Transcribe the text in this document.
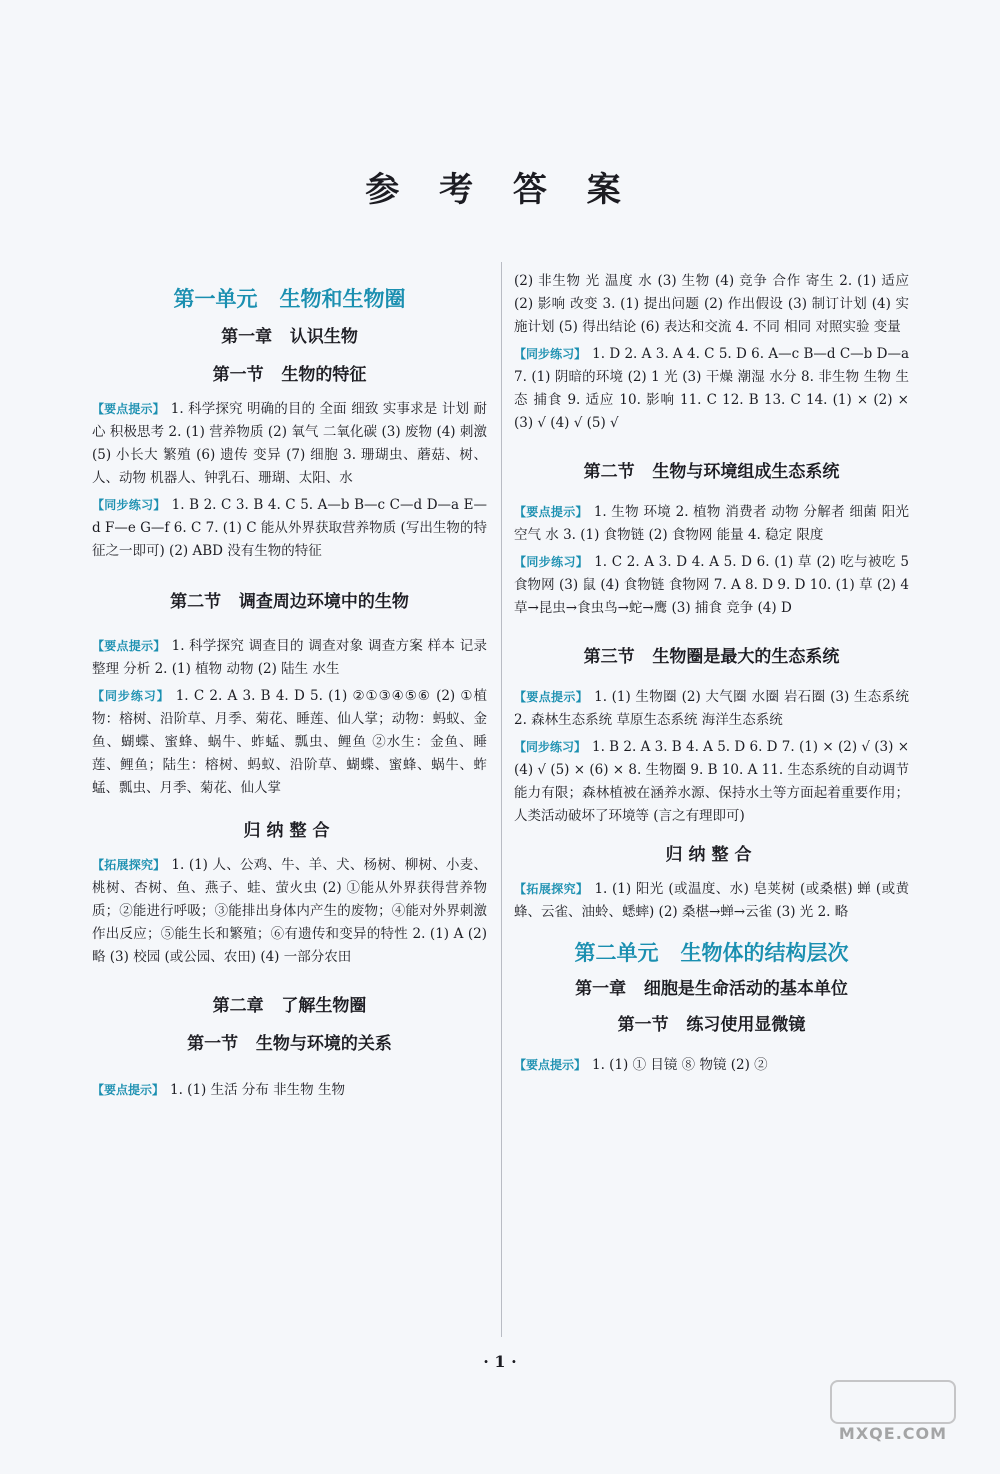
参 考 答 案
第一单元   生物和生物圈
第一章   认识生物
第一节   生物的特征

【要点提示】 1. 科学探究 明确的目的 全面 细致 实事求是 计划 耐心 积极思考 2. (1) 营养物质 (2) 氧气 二氧化碳 (3) 废物 (4) 刺激 (5) 小长大 繁殖 (6) 遗传 变异 (7) 细胞 3. 珊瑚虫、蘑菇、树、人、动物 机器人、钟乳石、珊瑚、太阳、水

【同步练习】 1. B 2. C 3. B 4. C 5. A—b B—c C—d D—a E—d F—e G—f 6. C 7. (1) C 能从外界获取营养物质 (写出生物的特征之一即可) (2) ABD 没有生物的特征

第二节   调查周边环境中的生物

【要点提示】 1. 科学探究 调查目的 调查对象 调查方案 样本 记录 整理 分析 2. (1) 植物 动物 (2) 陆生 水生

【同步练习】 1. C 2. A 3. B 4. D 5. (1) ②①③④⑤⑥ (2) ①植物：榕树、沿阶草、月季、菊花、睡莲、仙人掌；动物：蚂蚁、金鱼、蝴蝶、蜜蜂、蜗牛、蚱蜢、瓢虫、鲤鱼 ②水生：金鱼、睡莲、鲤鱼；陆生：榕树、蚂蚁、沿阶草、蝴蝶、蜜蜂、蜗牛、蚱蜢、瓢虫、月季、菊花、仙人掌

归纳整合

【拓展探究】 1. (1) 人、公鸡、牛、羊、犬、杨树、柳树、小麦、桃树、杏树、鱼、燕子、蛙、萤火虫 (2) ①能从外界获得营养物质；②能进行呼吸；③能排出身体内产生的废物；④能对外界刺激作出反应；⑤能生长和繁殖；⑥有遗传和变异的特性 2. (1) A (2) 略 (3) 校园 (或公园、农田) (4) 一部分农田

第二章   了解生物圈
第一节   生物与环境的关系

【要点提示】 1. (1) 生活 分布 非生物 生物

(2) 非生物 光 温度 水 (3) 生物 (4) 竞争 合作 寄生 2. (1) 适应 (2) 影响 改变 3. (1) 提出问题 (2) 作出假设 (3) 制订计划 (4) 实施计划 (5) 得出结论 (6) 表达和交流 4. 不同 相同 对照实验 变量

【同步练习】 1. D 2. A 3. A 4. C 5. D 6. A—c B—d C—b D—a 7. (1) 阴暗的环境 (2) 1 光 (3) 干燥 潮湿 水分 8. 非生物 生物 生态 捕食 9. 适应 10. 影响 11. C 12. B 13. C 14. (1) × (2) × (3) √ (4) √ (5) √

第二节   生物与环境组成生态系统

【要点提示】 1. 生物 环境 2. 植物 消费者 动物 分解者 细菌 阳光 空气 水 3. (1) 食物链 (2) 食物网 能量 4. 稳定 限度

【同步练习】 1. C 2. A 3. D 4. A 5. D 6. (1) 草 (2) 吃与被吃 5 食物网 (3) 鼠 (4) 食物链 食物网 7. A 8. D 9. D 10. (1) 草 (2) 4 草→昆虫→食虫鸟→蛇→鹰 (3) 捕食 竞争 (4) D

第三节   生物圈是最大的生态系统

【要点提示】 1. (1) 生物圈 (2) 大气圈 水圈 岩石圈 (3) 生态系统 2. 森林生态系统 草原生态系统 海洋生态系统

【同步练习】 1. B 2. A 3. B 4. A 5. D 6. D 7. (1) × (2) √ (3) × (4) √ (5) × (6) × 8. 生物圈 9. B 10. A 11. 生态系统的自动调节能力有限；森林植被在涵养水源、保持水土等方面起着重要作用；人类活动破坏了环境等 (言之有理即可)

归纳整合

【拓展探究】 1. (1) 阳光 (或温度、水) 皂荚树 (或桑椹) 蝉 (或黄蜂、云雀、油蛉、蟋蟀) (2) 桑椹→蝉→云雀 (3) 光 2. 略

第二单元   生物体的结构层次
第一章   细胞是生命活动的基本单位
第一节   练习使用显微镜

【要点提示】 1. (1) ① 目镜 ⑧ 物镜 (2) ②

· 1 ·
MXQE.COM
